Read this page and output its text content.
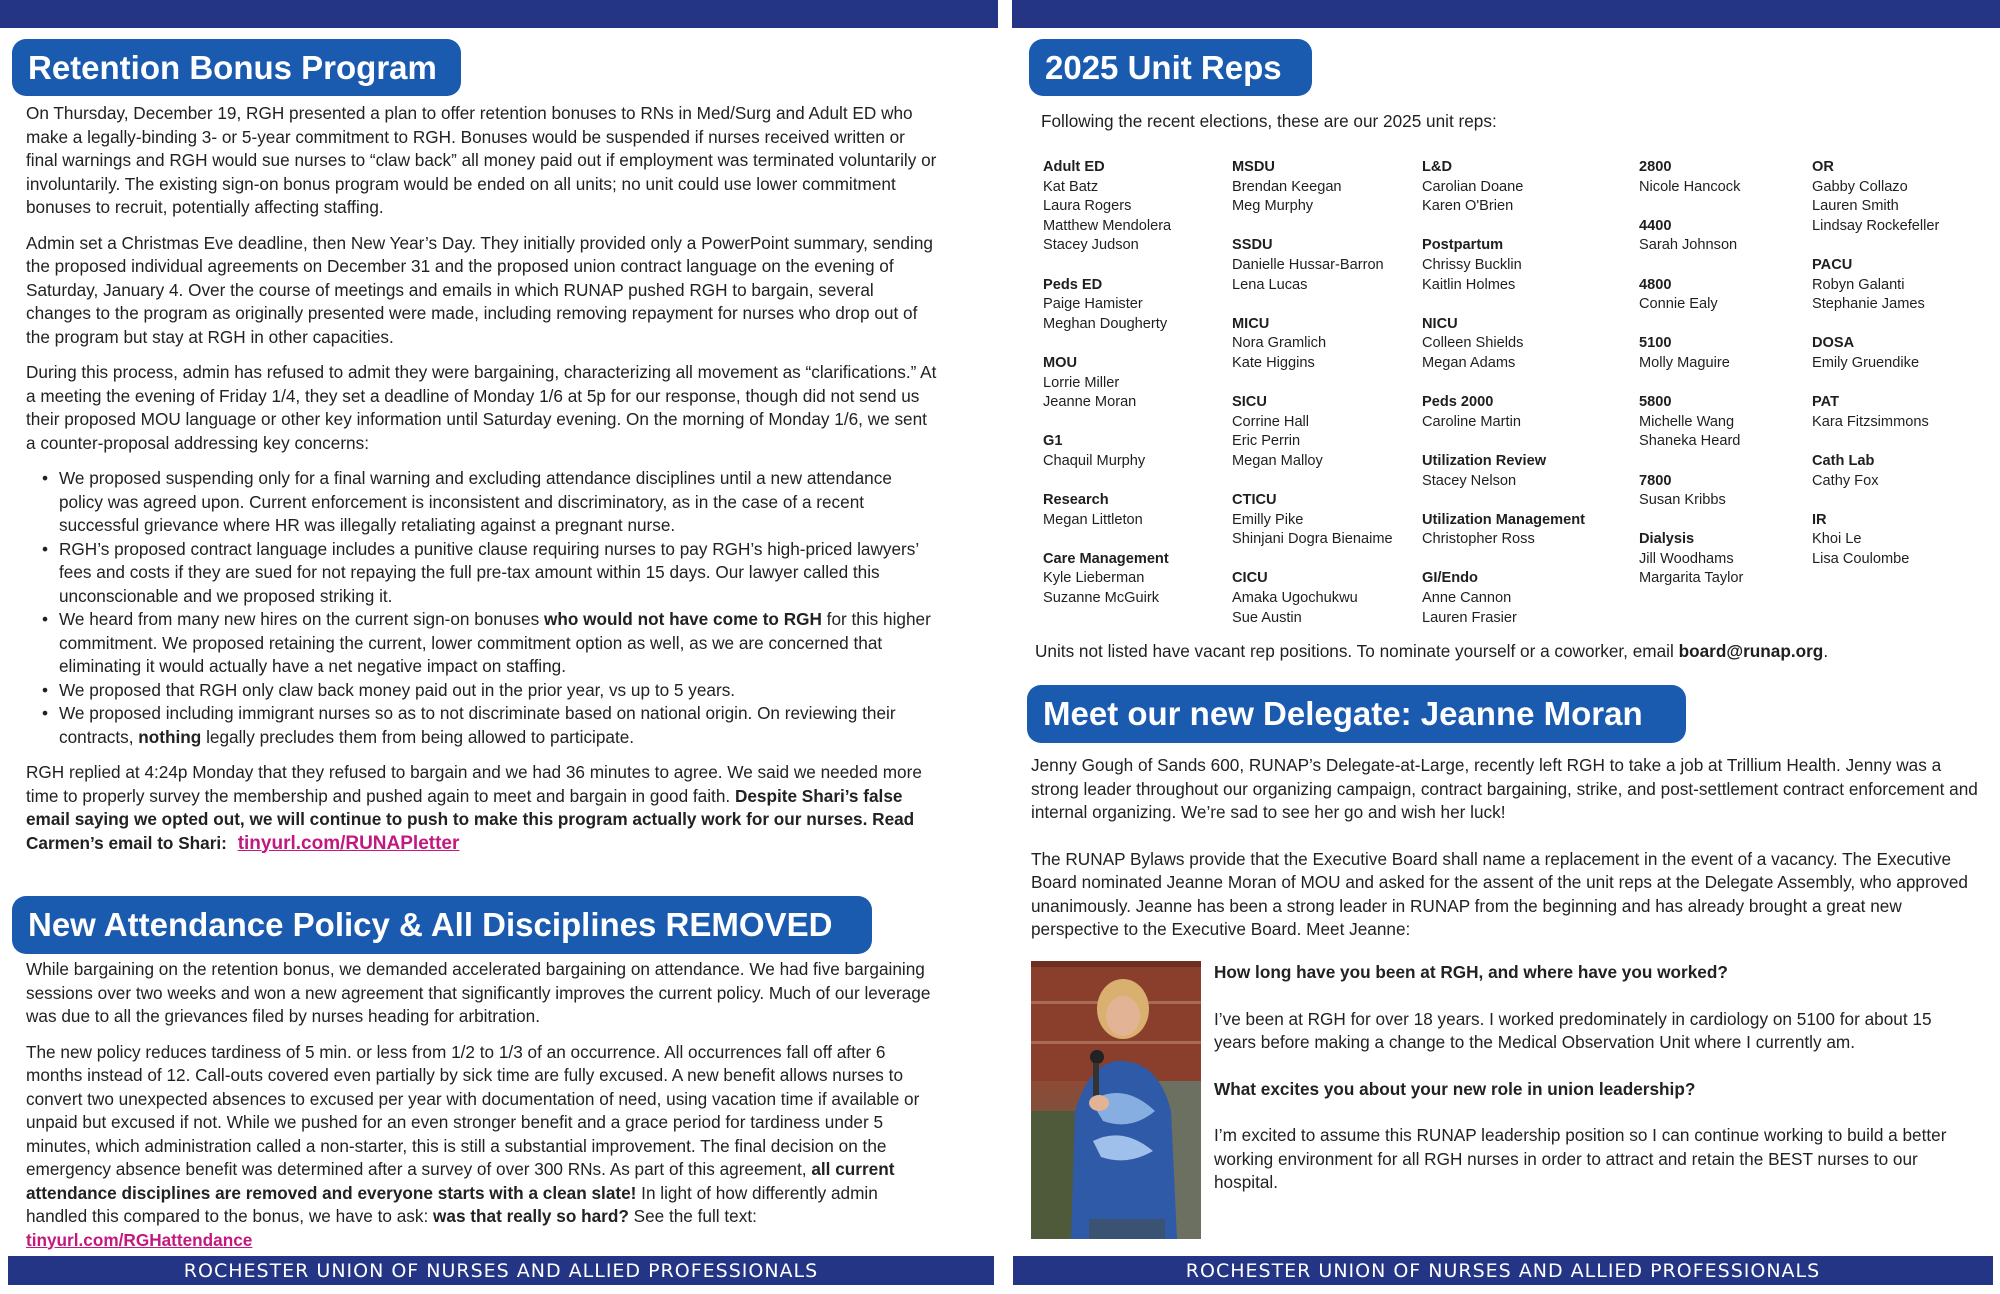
Retention Bonus Program

On Thursday, December 19, RGH presented a plan to offer retention bonuses to RNs in Med/Surg and Adult ED who make a legally-binding 3- or 5-year commitment to RGH. Bonuses would be suspended if nurses received written or final warnings and RGH would sue nurses to “claw back” all money paid out if employment was terminated voluntarily or involuntarily. The existing sign-on bonus program would be ended on all units; no unit could use lower commitment bonuses to recruit, potentially affecting staffing.

Admin set a Christmas Eve deadline, then New Year’s Day. They initially provided only a PowerPoint summary, sending the proposed individual agreements on December 31 and the proposed union contract language on the evening of Saturday, January 4. Over the course of meetings and emails in which RUNAP pushed RGH to bargain, several changes to the program as originally presented were made, including removing repayment for nurses who drop out of the program but stay at RGH in other capacities.

During this process, admin has refused to admit they were bargaining, characterizing all movement as “clarifications.” At a meeting the evening of Friday 1/4, they set a deadline of Monday 1/6 at 5p for our response, though did not send us their proposed MOU language or other key information until Saturday evening. On the morning of Monday 1/6, we sent a counter-proposal addressing key concerns:

• We proposed suspending only for a final warning and excluding attendance disciplines until a new attendance policy was agreed upon. Current enforcement is inconsistent and discriminatory, as in the case of a recent successful grievance where HR was illegally retaliating against a pregnant nurse.
• RGH’s proposed contract language includes a punitive clause requiring nurses to pay RGH’s high-priced lawyers’ fees and costs if they are sued for not repaying the full pre-tax amount within 15 days. Our lawyer called this unconscionable and we proposed striking it.
• We heard from many new hires on the current sign-on bonuses who would not have come to RGH for this higher commitment. We proposed retaining the current, lower commitment option as well, as we are concerned that eliminating it would actually have a net negative impact on staffing.
• We proposed that RGH only claw back money paid out in the prior year, vs up to 5 years.
• We proposed including immigrant nurses so as to not discriminate based on national origin. On reviewing their contracts, nothing legally precludes them from being allowed to participate.

RGH replied at 4:24p Monday that they refused to bargain and we had 36 minutes to agree. We said we needed more time to properly survey the membership and pushed again to meet and bargain in good faith. Despite Shari’s false email saying we opted out, we will continue to push to make this program actually work for our nurses. Read Carmen’s email to Shari: tinyurl.com/RUNAPletter

New Attendance Policy & All Disciplines REMOVED

While bargaining on the retention bonus, we demanded accelerated bargaining on attendance. We had five bargaining sessions over two weeks and won a new agreement that significantly improves the current policy. Much of our leverage was due to all the grievances filed by nurses heading for arbitration.

The new policy reduces tardiness of 5 min. or less from 1/2 to 1/3 of an occurrence. All occurrences fall off after 6 months instead of 12. Call-outs covered even partially by sick time are fully excused. A new benefit allows nurses to convert two unexpected absences to excused per year with documentation of need, using vacation time if available or unpaid but excused if not. While we pushed for an even stronger benefit and a grace period for tardiness under 5 minutes, which administration called a non-starter, this is still a substantial improvement. The final decision on the emergency absence benefit was determined after a survey of over 300 RNs. As part of this agreement, all current attendance disciplines are removed and everyone starts with a clean slate! In light of how differently admin handled this compared to the bonus, we have to ask: was that really so hard? See the full text: tinyurl.com/RGHattendance

ROCHESTER UNION OF NURSES AND ALLIED PROFESSIONALS
2025 Unit Reps
Following the recent elections, these are our 2025 unit reps:
Adult ED
Kat Batz
Laura Rogers
Matthew Mendolera
Stacey Judson
Peds ED
Paige Hamister
Meghan Dougherty
MOU
Lorrie Miller
Jeanne Moran
G1
Chaquil Murphy
Research
Megan Littleton
Care Management
Kyle Lieberman
Suzanne McGuirk
MSDU
Brendan Keegan
Meg Murphy
SSDU
Danielle Hussar-Barron
Lena Lucas
MICU
Nora Gramlich
Kate Higgins
SICU
Corrine Hall
Eric Perrin
Megan Malloy
CTICU
Emilly Pike
Shinjani Dogra Bienaime
CICU
Amaka Ugochukwu
Sue Austin
L&D
Carolian Doane
Karen O'Brien
Postpartum
Chrissy Bucklin
Kaitlin Holmes
NICU
Colleen Shields
Megan Adams
Peds 2000
Caroline Martin
Utilization Review
Stacey Nelson
Utilization Management
Christopher Ross
GI/Endo
Anne Cannon
Lauren Frasier
2800
Nicole Hancock
4400
Sarah Johnson
4800
Connie Ealy
5100
Molly Maguire
5800
Michelle Wang
Shaneka Heard
7800
Susan Kribbs
Dialysis
Jill Woodhams
Margarita Taylor
OR
Gabby Collazo
Lauren Smith
Lindsay Rockefeller
PACU
Robyn Galanti
Stephanie James
DOSA
Emily Gruendike
PAT
Kara Fitzsimmons
Cath Lab
Cathy Fox
IR
Khoi Le
Lisa Coulombe
Units not listed have vacant rep positions. To nominate yourself or a coworker, email board@runap.org.
Meet our new Delegate: Jeanne Moran

Jenny Gough of Sands 600, RUNAP’s Delegate-at-Large, recently left RGH to take a job at Trillium Health. Jenny was a strong leader throughout our organizing campaign, contract bargaining, strike, and post-settlement contract enforcement and internal organizing. We’re sad to see her go and wish her luck!

The RUNAP Bylaws provide that the Executive Board shall name a replacement in the event of a vacancy. The Executive Board nominated Jeanne Moran of MOU and asked for the assent of the unit reps at the Delegate Assembly, who approved unanimously. Jeanne has been a strong leader in RUNAP from the beginning and has already brought a great new perspective to the Executive Board. Meet Jeanne:

How long have you been at RGH, and where have you worked?

I’ve been at RGH for over 18 years. I worked predominately in cardiology on 5100 for about 15 years before making a change to the Medical Observation Unit where I currently am.

What excites you about your new role in union leadership?

I’m excited to assume this RUNAP leadership position so I can continue working to build a better working environment for all RGH nurses in order to attract and retain the BEST nurses to our hospital.

ROCHESTER UNION OF NURSES AND ALLIED PROFESSIONALS
